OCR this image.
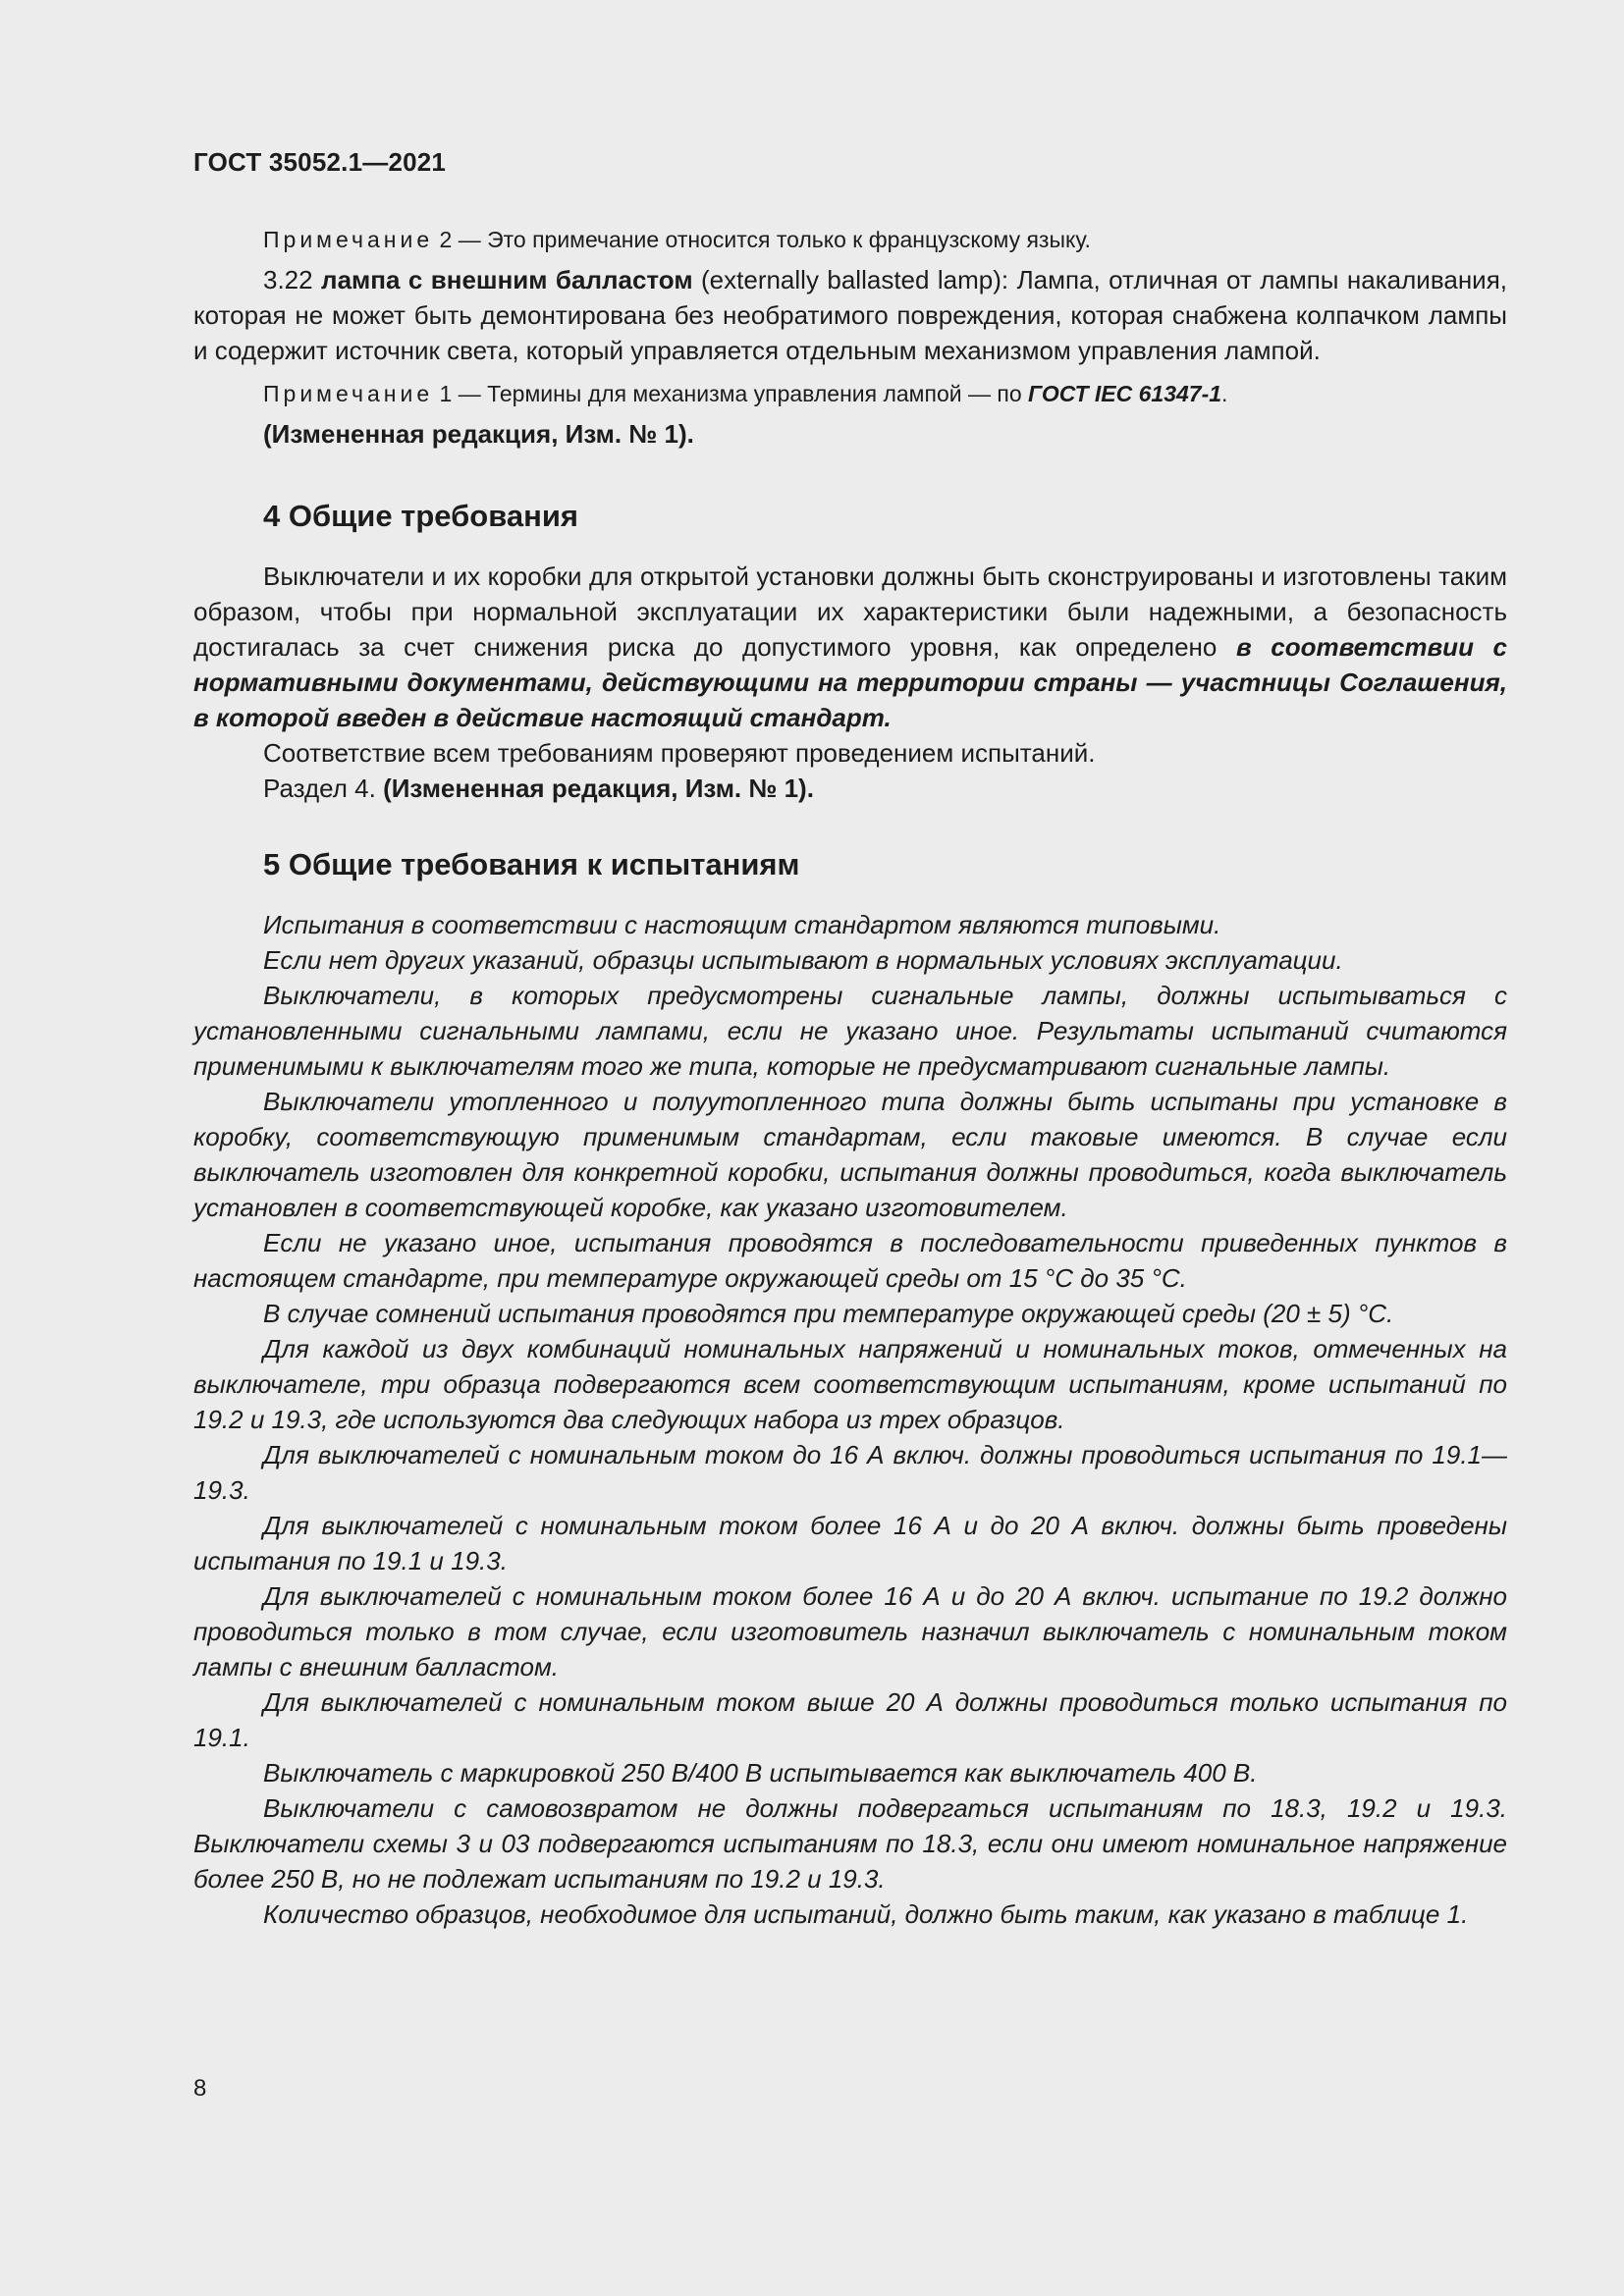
ГОСТ 35052.1—2021

Примечание 2 — Это примечание относится только к французскому языку.

3.22 лампа с внешним балластом (externally ballasted lamp): Лампа, отличная от лампы накаливания, которая не может быть демонтирована без необратимого повреждения, которая снабжена колпачком лампы и содержит источник света, который управляется отдельным механизмом управления лампой.

Примечание 1 — Термины для механизма управления лампой — по ГОСТ IEC 61347-1.

(Измененная редакция, Изм. № 1).

4 Общие требования

Выключатели и их коробки для открытой установки должны быть сконструированы и изготовлены таким образом, чтобы при нормальной эксплуатации их характеристики были надежными, а безопасность достигалась за счет снижения риска до допустимого уровня, как определено в соответствии с нормативными документами, действующими на территории страны — участницы Соглашения, в которой введен в действие настоящий стандарт.

Соответствие всем требованиям проверяют проведением испытаний.

Раздел 4. (Измененная редакция, Изм. № 1).

5 Общие требования к испытаниям

Испытания в соответствии с настоящим стандартом являются типовыми.

Если нет других указаний, образцы испытывают в нормальных условиях эксплуатации.

Выключатели, в которых предусмотрены сигнальные лампы, должны испытываться с установленными сигнальными лампами, если не указано иное. Результаты испытаний считаются применимыми к выключателям того же типа, которые не предусматривают сигнальные лампы.

Выключатели утопленного и полуутопленного типа должны быть испытаны при установке в коробку, соответствующую применимым стандартам, если таковые имеются. В случае если выключатель изготовлен для конкретной коробки, испытания должны проводиться, когда выключатель установлен в соответствующей коробке, как указано изготовителем.

Если не указано иное, испытания проводятся в последовательности приведенных пунктов в настоящем стандарте, при температуре окружающей среды от 15 °C до 35 °C.

В случае сомнений испытания проводятся при температуре окружающей среды (20 ± 5) °C.

Для каждой из двух комбинаций номинальных напряжений и номинальных токов, отмеченных на выключателе, три образца подвергаются всем соответствующим испытаниям, кроме испытаний по 19.2 и 19.3, где используются два следующих набора из трех образцов.

Для выключателей с номинальным током до 16 А включ. должны проводиться испытания по 19.1—19.3.

Для выключателей с номинальным током более 16 А и до 20 А включ. должны быть проведены испытания по 19.1 и 19.3.

Для выключателей с номинальным током более 16 А и до 20 А включ. испытание по 19.2 должно проводиться только в том случае, если изготовитель назначил выключатель с номинальным током лампы с внешним балластом.

Для выключателей с номинальным током выше 20 А должны проводиться только испытания по 19.1.

Выключатель с маркировкой 250 В/400 В испытывается как выключатель 400 В.

Выключатели с самовозвратом не должны подвергаться испытаниям по 18.3, 19.2 и 19.3. Выключатели схемы 3 и 03 подвергаются испытаниям по 18.3, если они имеют номинальное напряжение более 250 В, но не подлежат испытаниям по 19.2 и 19.3.

Количество образцов, необходимое для испытаний, должно быть таким, как указано в таблице 1.

8
